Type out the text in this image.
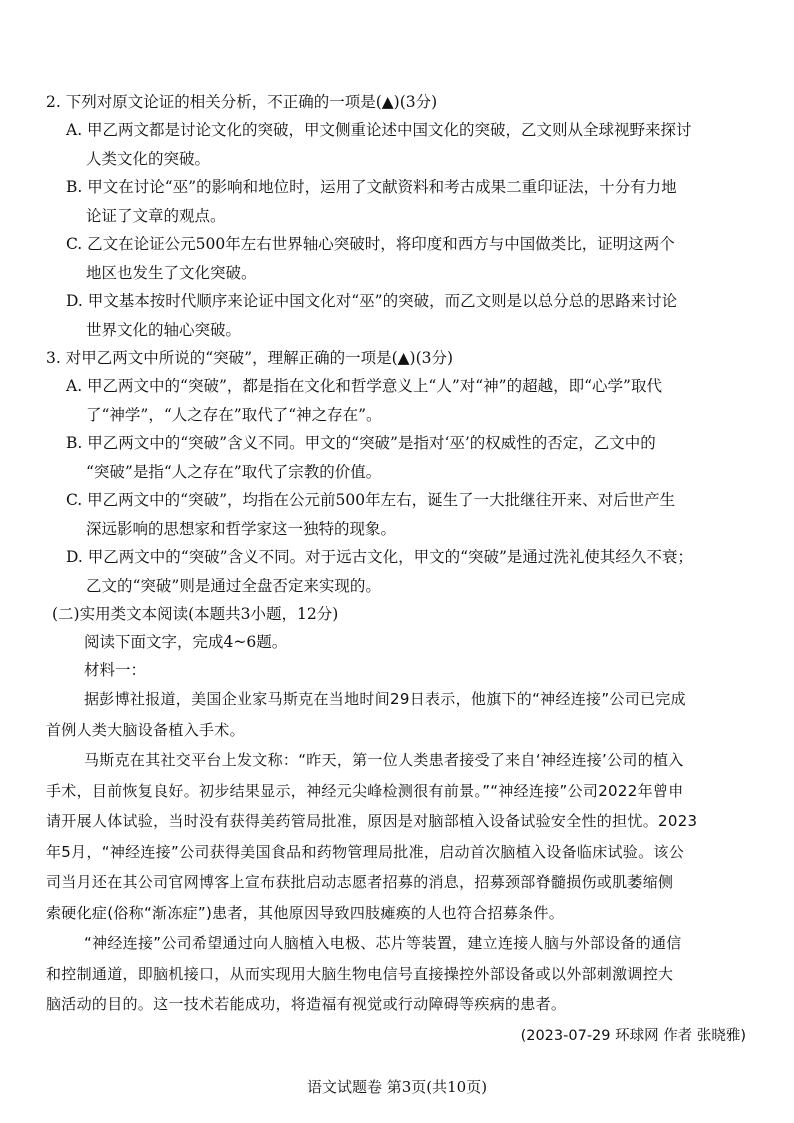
2. 下列对原文论证的相关分析，不正确的一项是(▲)(3分)
A. 甲乙两文都是讨论文化的突破，甲文侧重论述中国文化的突破，乙文则从全球视野来探讨
人类文化的突破。
B. 甲文在讨论“巫”的影响和地位时，运用了文献资料和考古成果二重印证法，十分有力地
论证了文章的观点。
C. 乙文在论证公元500年左右世界轴心突破时，将印度和西方与中国做类比，证明这两个
地区也发生了文化突破。
D. 甲文基本按时代顺序来论证中国文化对“巫”的突破，而乙文则是以总分总的思路来讨论
世界文化的轴心突破。
3. 对甲乙两文中所说的“突破”，理解正确的一项是(▲)(3分)
A. 甲乙两文中的“突破”，都是指在文化和哲学意义上“人”对“神”的超越，即“心学”取代
了“神学”，“人之存在”取代了“神之存在”。
B. 甲乙两文中的“突破”含义不同。甲文的“突破”是指对‘巫’的权威性的否定，乙文中的
“突破”是指“人之存在”取代了宗教的价值。
C. 甲乙两文中的“突破”，均指在公元前500年左右，诞生了一大批继往开来、对后世产生
深远影响的思想家和哲学家这一独特的现象。
D. 甲乙两文中的“突破”含义不同。对于远古文化，甲文的“突破”是通过洗礼使其经久不衰；
乙文的“突破”则是通过全盘否定来实现的。
(二)实用类文本阅读(本题共3小题，12分)
阅读下面文字，完成4~6题。
材料一：

据彭博社报道，美国企业家马斯克在当地时间29日表示，他旗下的“神经连接”公司已完成
首例人类大脑设备植入手术。

马斯克在其社交平台上发文称：“昨天，第一位人类患者接受了来自‘神经连接’公司的植入
手术，目前恢复良好。初步结果显示，神经元尖峰检测很有前景。”“神经连接”公司2022年曾申
请开展人体试验，当时没有获得美药管局批准，原因是对脑部植入设备试验安全性的担忧。2023
年5月，“神经连接”公司获得美国食品和药物管理局批准，启动首次脑植入设备临床试验。该公
司当月还在其公司官网博客上宣布获批启动志愿者招募的消息，招募颈部脊髓损伤或肌萎缩侧
索硬化症(俗称“渐冻症”)患者，其他原因导致四肢瘫痪的人也符合招募条件。

“神经连接”公司希望通过向人脑植入电极、芯片等装置，建立连接人脑与外部设备的通信
和控制通道，即脑机接口，从而实现用大脑生物电信号直接操控外部设备或以外部刺激调控大
脑活动的目的。这一技术若能成功，将造福有视觉或行动障碍等疾病的患者。

(2023-07-29 环球网 作者 张晓雅)
语文试题卷 第3页(共10页)
